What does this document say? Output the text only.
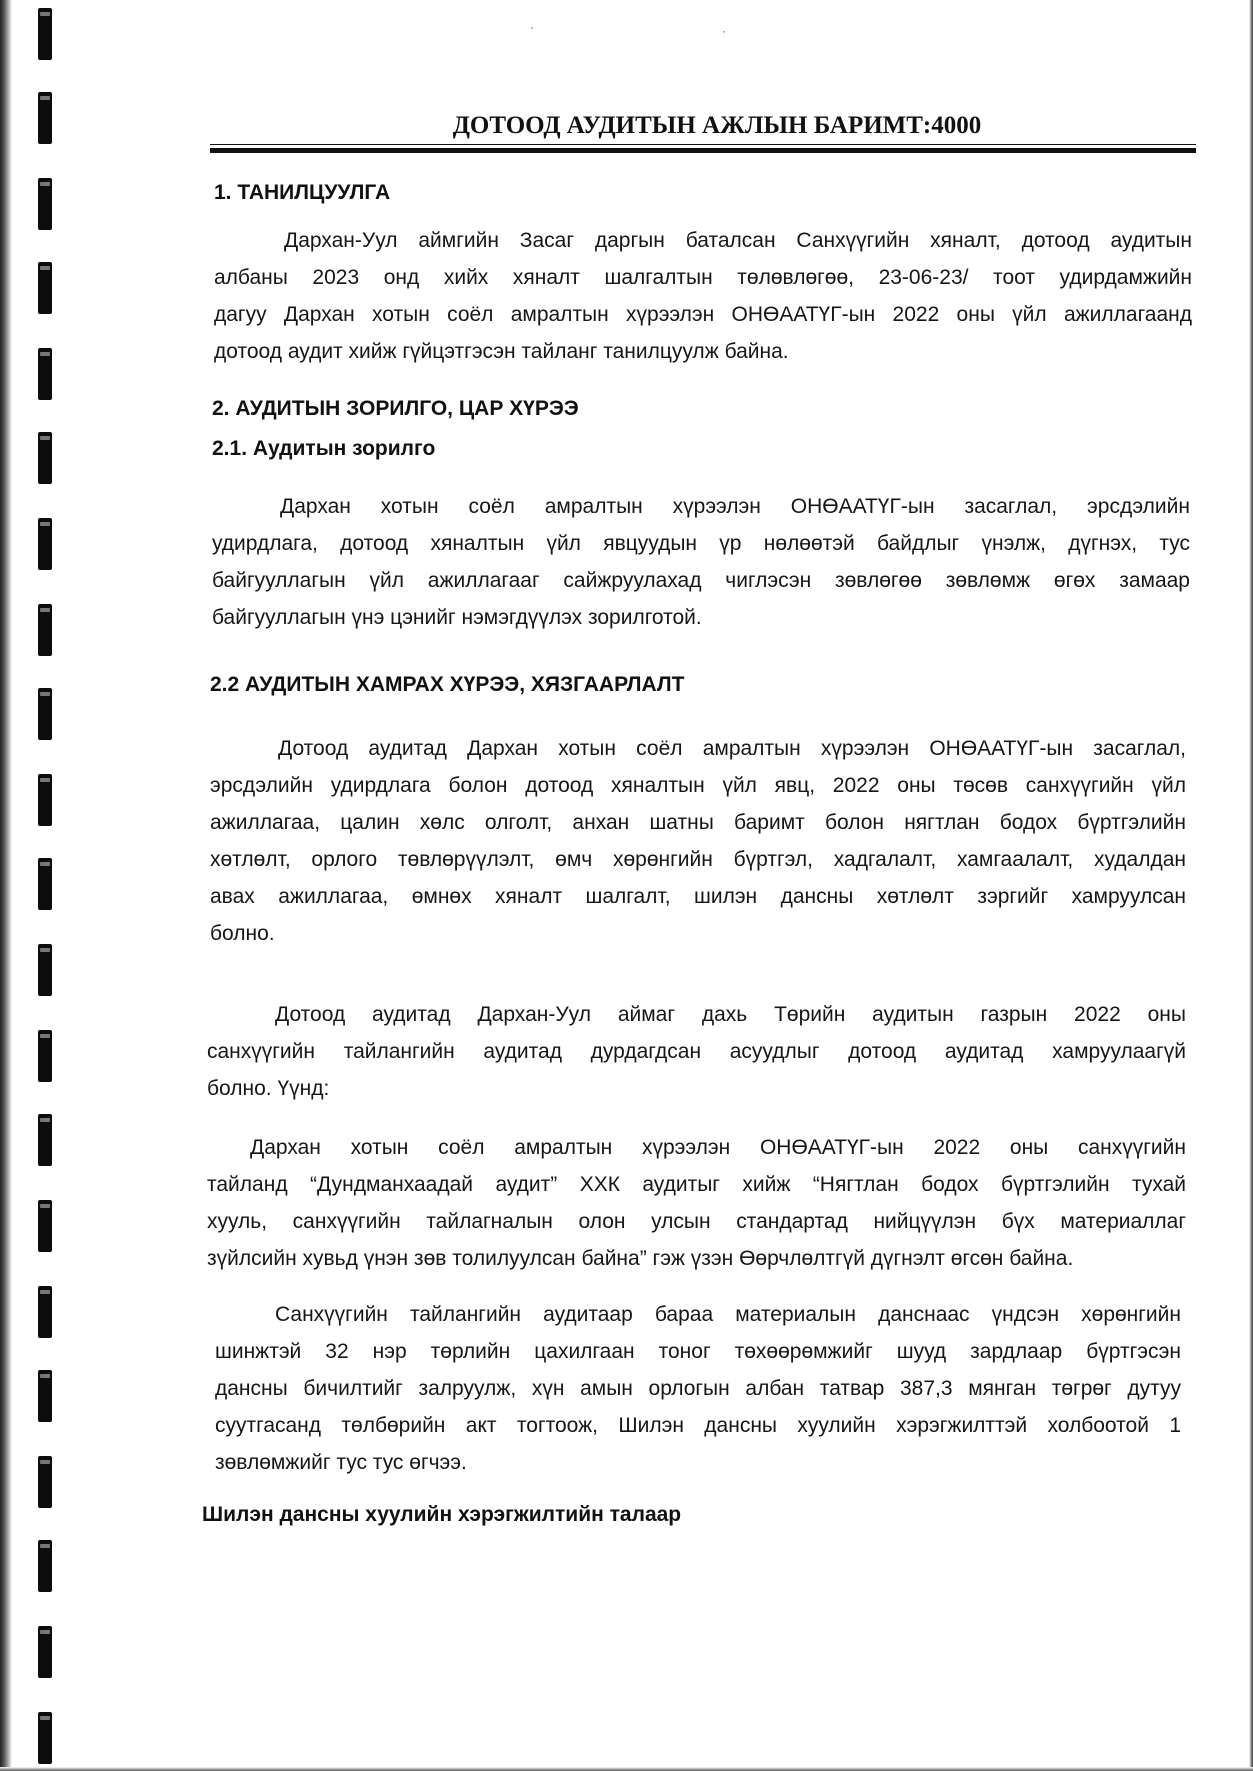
·	·
ДОТООД АУДИТЫН АЖЛЫН БАРИМТ:4000
1. ТАНИЛЦУУЛГА
Дархан-Уул аймгийн Засаг даргын баталсан Санхүүгийн хяналт, дотоод аудитын
албаны 2023 онд хийх хяналт шалгалтын төлөвлөгөө, 23-06-23/ тоот удирдамжийн
дагуу Дархан хотын соёл амралтын хүрээлэн ОНӨААТҮГ-ын 2022 оны үйл ажиллагаанд
дотоод аудит хийж гүйцэтгэсэн тайланг танилцуулж байна.
2. АУДИТЫН ЗОРИЛГО, ЦАР ХҮРЭЭ
2.1. Аудитын зорилго
Дархан хотын соёл амралтын хүрээлэн ОНӨААТҮГ-ын засаглал, эрсдэлийн
удирдлага, дотоод хяналтын үйл явцуудын үр нөлөөтэй байдлыг үнэлж, дүгнэх, тус
байгууллагын үйл ажиллагааг сайжруулахад чиглэсэн зөвлөгөө зөвлөмж өгөх замаар
байгууллагын үнэ цэнийг нэмэгдүүлэх зорилготой.
2.2 АУДИТЫН ХАМРАХ ХҮРЭЭ, ХЯЗГААРЛАЛТ
Дотоод аудитад Дархан хотын соёл амралтын хүрээлэн ОНӨААТҮГ-ын засаглал,
эрсдэлийн удирдлага болон дотоод хяналтын үйл явц, 2022 оны төсөв санхүүгийн үйл
ажиллагаа, цалин хөлс олголт, анхан шатны баримт болон нягтлан бодох бүртгэлийн
хөтлөлт, орлого төвлөрүүлэлт, өмч хөрөнгийн бүртгэл, хадгалалт, хамгаалалт, худалдан
авах ажиллагаа, өмнөх хяналт шалгалт, шилэн дансны хөтлөлт зэргийг хамруулсан
болно.
Дотоод аудитад Дархан-Уул аймаг дахь Төрийн аудитын газрын 2022 оны
санхүүгийн тайлангийн аудитад дурдагдсан асуудлыг дотоод аудитад хамруулаагүй
болно. Үүнд:
Дархан хотын соёл амралтын хүрээлэн ОНӨААТҮГ-ын 2022 оны санхүүгийн
тайланд “Дундманхаадай аудит” ХХК аудитыг хийж “Нягтлан бодох бүртгэлийн тухай
хууль, санхүүгийн тайлагналын олон улсын стандартад нийцүүлэн бүх материаллаг
зүйлсийн хувьд үнэн зөв толилуулсан байна” гэж үзэн Өөрчлөлтгүй дүгнэлт өгсөн байна.
Санхүүгийн тайлангийн аудитаар бараа материалын данснаас үндсэн хөрөнгийн
шинжтэй 32 нэр төрлийн цахилгаан тоног төхөөрөмжийг шууд зардлаар бүртгэсэн
дансны бичилтийг залруулж, хүн амын орлогын албан татвар 387,3 мянган төгрөг дутуу
суутгасанд төлбөрийн акт тогтоож, Шилэн дансны хуулийн хэрэгжилттэй холбоотой 1
зөвлөмжийг тус тус өгчээ.
Шилэн дансны хуулийн хэрэгжилтийн талаар
